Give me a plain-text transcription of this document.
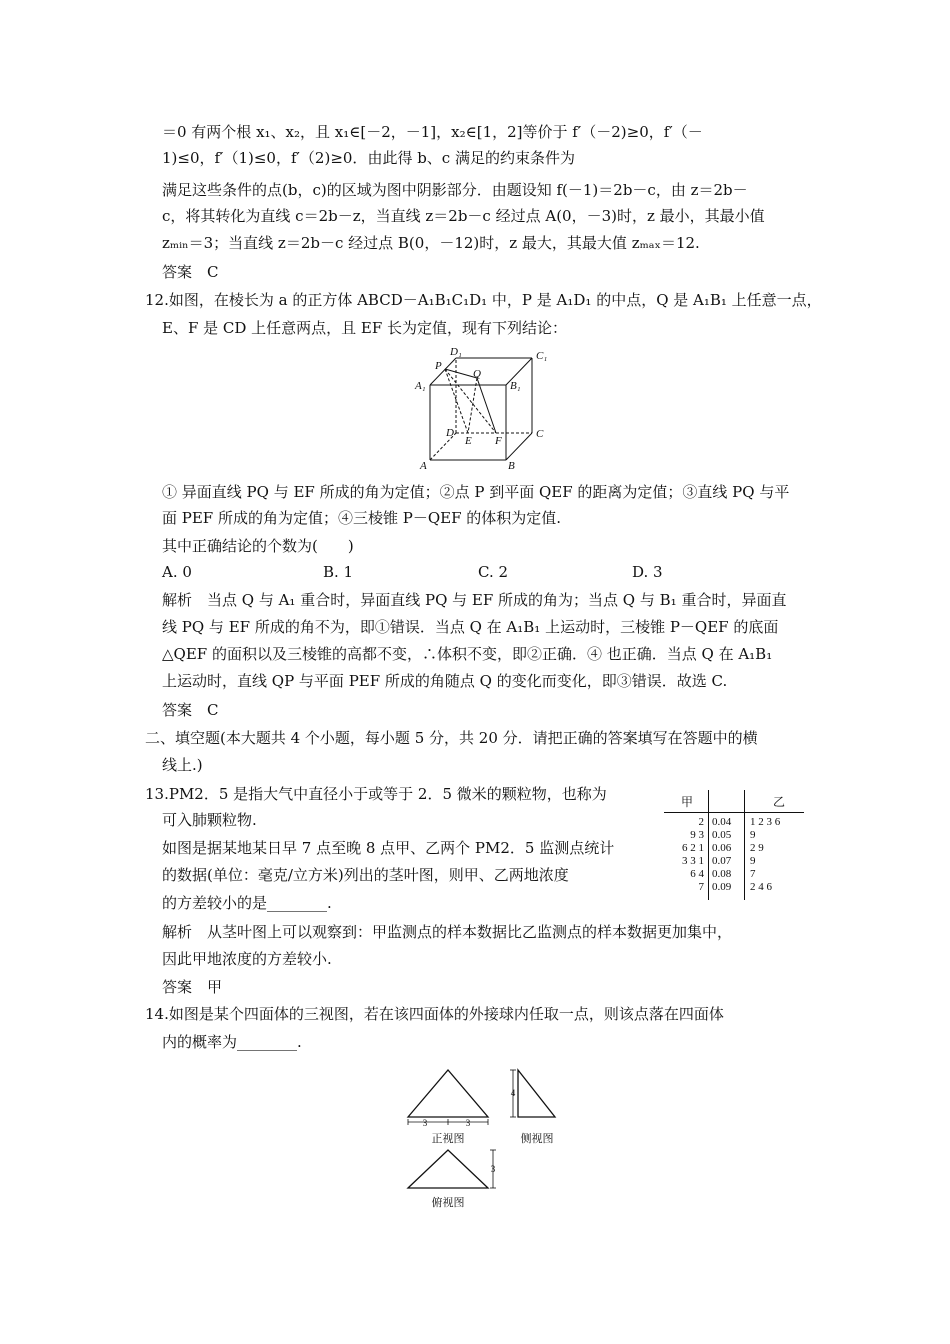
＝0 有两个根 x₁、x₂，且 x₁∈[－2，－1]，x₂∈[1，2]等价于 f′（－2)≥0，f′（－
1)≤0，f′（1)≤0，f′（2)≥0．由此得 b、c 满足的约束条件为
满足这些条件的点(b，c)的区域为图中阴影部分．由题设知 f(－1)＝2b－c，由 z＝2b－
c，将其转化为直线 c＝2b－z，当直线 z＝2b－c 经过点 A(0，－3)时，z 最小，其最小值
zₘᵢₙ＝3；当直线 z＝2b－c 经过点 B(0，－12)时，z 最大，其最大值 zₘₐₓ＝12.
答案　C
12.如图，在棱长为 a 的正方体 ABCD－A₁B₁C₁D₁ 中，P 是 A₁D₁ 的中点，Q 是 A₁B₁ 上任意一点，
E、F 是 CD 上任意两点，且 EF 长为定值，现有下列结论：
A	B
C
D
A₁	B₁
C₁
D₁
P
Q
E F
① 异面直线 PQ 与 EF 所成的角为定值；②点 P 到平面 QEF 的距离为定值；③直线 PQ 与平
面 PEF 所成的角为定值；④三棱锥 P－QEF 的体积为定值.
其中正确结论的个数为(　　)
A. 0	B. 1	C. 2	D. 3
解析　当点 Q 与 A₁ 重合时，异面直线 PQ 与 EF 所成的角为；当点 Q 与 B₁ 重合时，异面直
线 PQ 与 EF 所成的角不为，即①错误．当点 Q 在 A₁B₁ 上运动时，三棱锥 P－QEF 的底面
△QEF 的面积以及三棱锥的高都不变，∴体积不变，即②正确．④ 也正确．当点 Q 在 A₁B₁
上运动时，直线 QP 与平面 PEF 所成的角随点 Q 的变化而变化，即③错误．故选 C.
答案　C
二、填空题(本大题共 4 个小题，每小题 5 分，共 20 分．请把正确的答案填写在答题中的横
线上.)
13.PM2．5 是指大气中直径小于或等于 2．5 微米的颗粒物，也称为
可入肺颗粒物.
如图是据某地某日早 7 点至晚 8 点甲、乙两个 PM2．5 监测点统计
的数据(单位：毫克/立方米)列出的茎叶图，则甲、乙两地浓度
的方差较小的是________.
甲	乙
2 0.04 1 2 3 6
9 3 0.05 9
6 2 1 0.06 2 9
3 3 1 0.07 9
6 4 0.08 7
7 0.09 2 4 6
解析　从茎叶图上可以观察到：甲监测点的样本数据比乙监测点的样本数据更加集中，
因此甲地浓度的方差较小.
答案　甲
14.如图是某个四面体的三视图，若在该四面体的外接球内任取一点，则该点落在四面体
内的概率为________.
3	3
4
3
正视图	侧视图
俯视图
